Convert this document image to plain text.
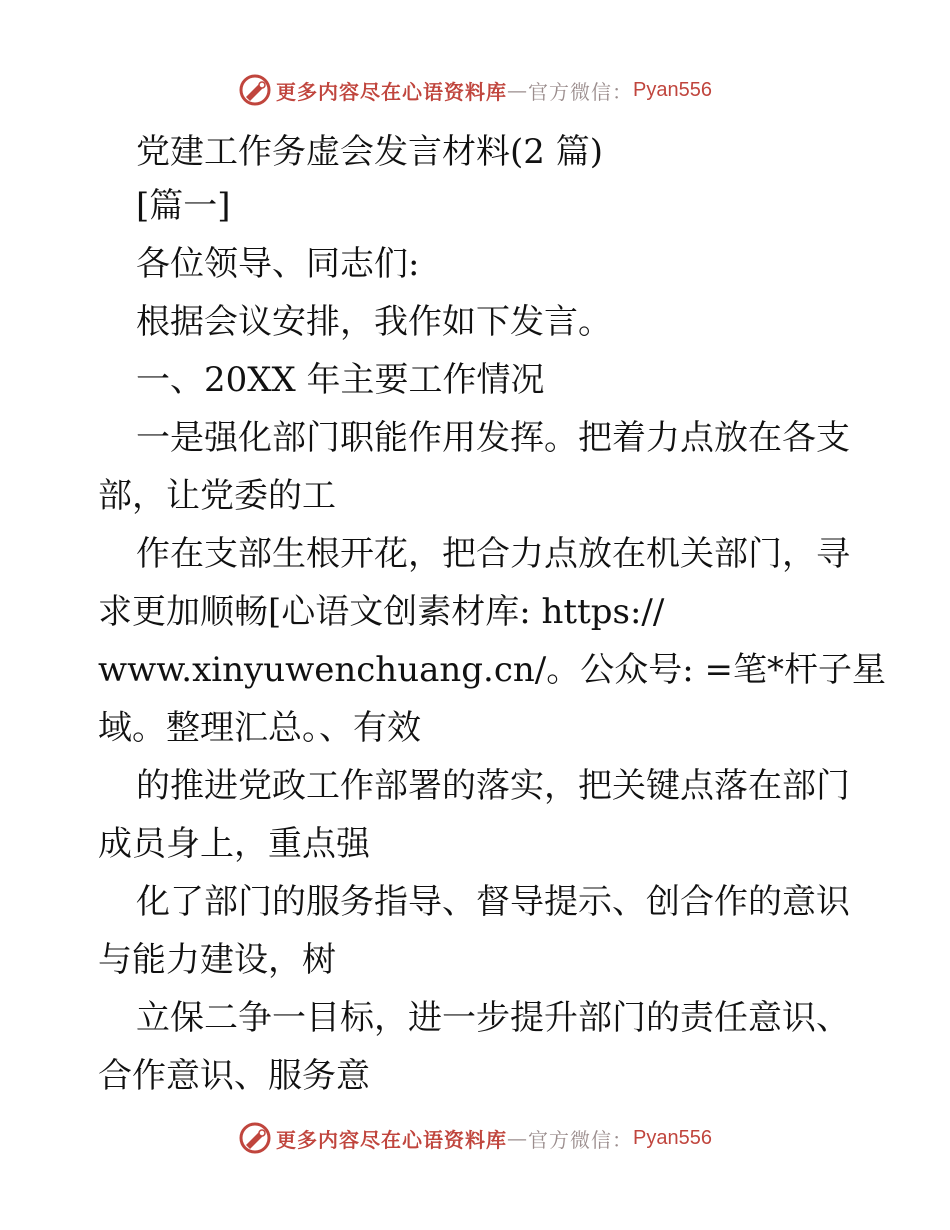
更多内容尽在心语资料库 — 官方微信： Pyan556
党建工作务虚会发言材料(2 篇)
[篇一]
各位领导、同志们:
根据会议安排，我作如下发言。
一、20XX 年主要工作情况
一是强化部门职能作用发挥。把着力点放在各支
部，让党委的工
作在支部生根开花，把合力点放在机关部门，寻
求更加顺畅[心语文创素材库: https://
www.xinyuwenchuang.cn/。公众号: =笔*杆子星
域。整理汇总。、有效
的推进党政工作部署的落实，把关键点落在部门
成员身上，重点强
化了部门的服务指导、督导提示、创合作的意识
与能力建设，树
立保二争一目标，进一步提升部门的责任意识、
合作意识、服务意
更多内容尽在心语资料库 — 官方微信： Pyan556
